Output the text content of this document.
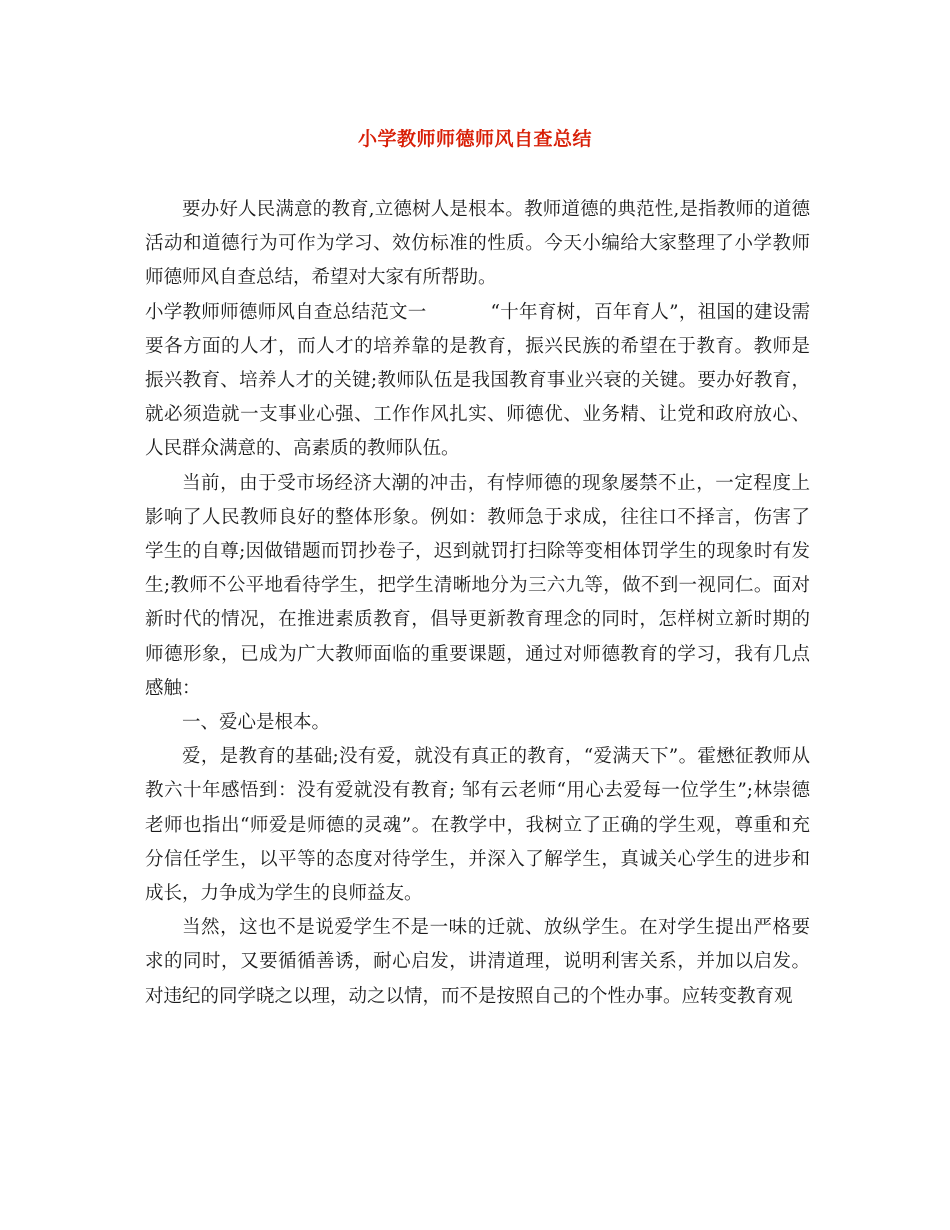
小学教师师德师风自查总结

要办好人民满意的教育,立德树人是根本。教师道德的典范性,是指教师的道德活动和道德行为可作为学习、效仿标准的性质。今天小编给大家整理了小学教师师德师风自查总结，希望对大家有所帮助。

小学教师师德师风自查总结范文一	“十年育树，百年育人”，祖国的建设需要各方面的人才，而人才的培养靠的是教育，振兴民族的希望在于教育。教师是振兴教育、培养人才的关键;教师队伍是我国教育事业兴衰的关键。要办好教育，就必须造就一支事业心强、工作作风扎实、师德优、业务精、让党和政府放心、人民群众满意的、高素质的教师队伍。

当前，由于受市场经济大潮的冲击，有悖师德的现象屡禁不止，一定程度上影响了人民教师良好的整体形象。例如：教师急于求成，往往口不择言，伤害了学生的自尊;因做错题而罚抄卷子，迟到就罚打扫除等变相体罚学生的现象时有发生;教师不公平地看待学生，把学生清晰地分为三六九等，做不到一视同仁。面对新时代的情况，在推进素质教育，倡导更新教育理念的同时，怎样树立新时期的师德形象，已成为广大教师面临的重要课题，通过对师德教育的学习，我有几点感触：

一、爱心是根本。

爱，是教育的基础;没有爱，就没有真正的教育，“爱满天下”。霍懋征教师从教六十年感悟到：没有爱就没有教育; 邹有云老师“用心去爱每一位学生”;林崇德老师也指出“师爱是师德的灵魂”。在教学中，我树立了正确的学生观，尊重和充分信任学生，以平等的态度对待学生，并深入了解学生，真诚关心学生的进步和成长，力争成为学生的良师益友。

当然，这也不是说爱学生不是一味的迁就、放纵学生。在对学生提出严格要求的同时，又要循循善诱，耐心启发，讲清道理，说明利害关系，并加以启发。对违纪的同学晓之以理，动之以情，而不是按照自己的个性办事。应转变教育观
